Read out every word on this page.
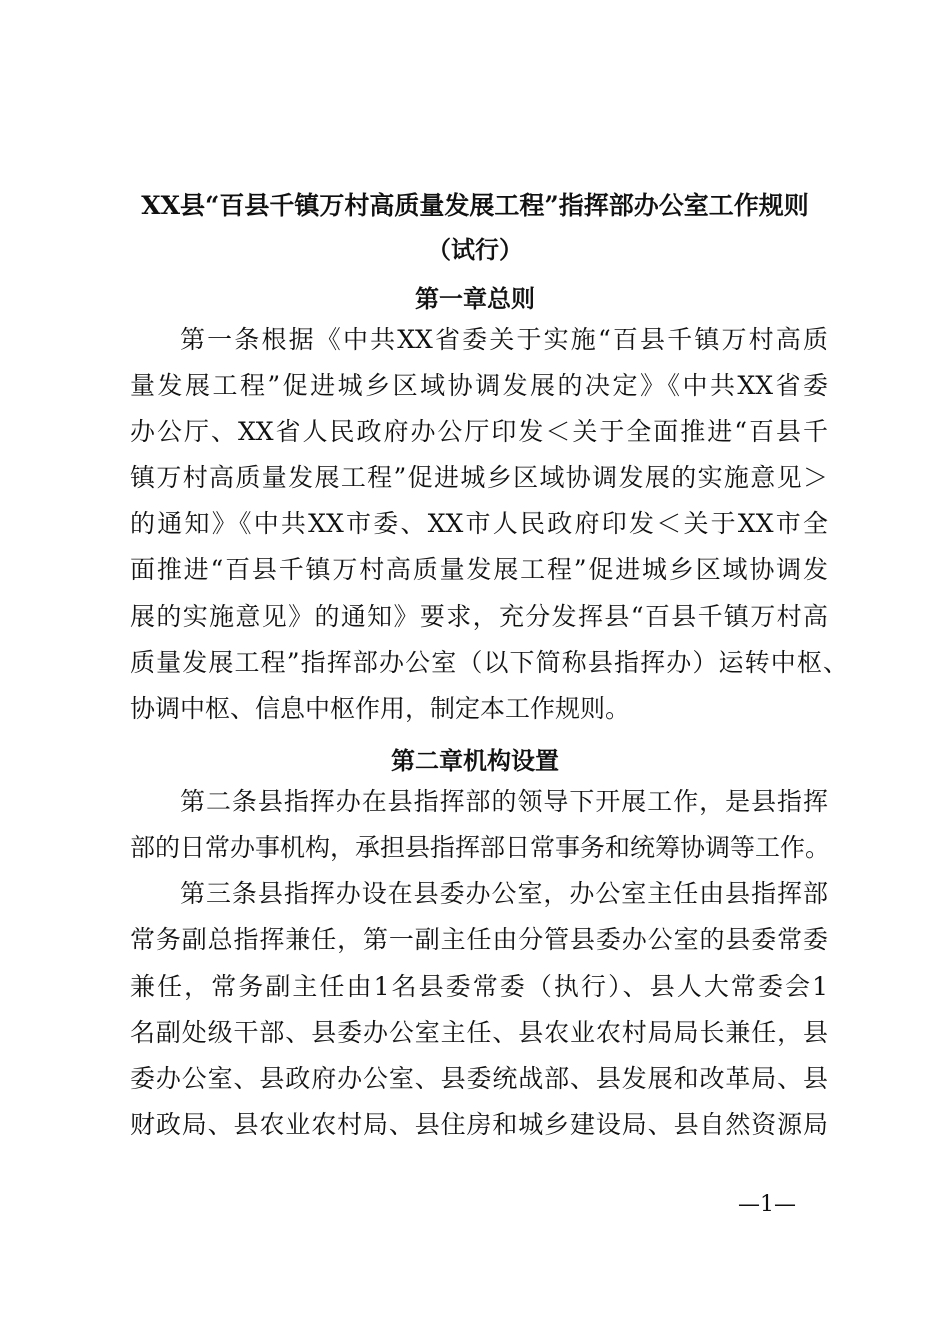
XX县“百县千镇万村高质量发展工程”指挥部办公室工作规则
（试行）
第一章总则
第一条根据《中共XX省委关于实施“百县千镇万村高质
量发展工程”促进城乡区域协调发展的决定》《中共XX省委
办公厅、XX省人民政府办公厅印发＜关于全面推进“百县千
镇万村高质量发展工程”促进城乡区域协调发展的实施意见＞
的通知》《中共XX市委、XX市人民政府印发＜关于XX市全
面推进“百县千镇万村高质量发展工程”促进城乡区域协调发
展的实施意见》的通知》要求，充分发挥县“百县千镇万村高
质量发展工程”指挥部办公室（以下简称县指挥办）运转中枢、
协调中枢、信息中枢作用，制定本工作规则。
第二章机构设置
第二条县指挥办在县指挥部的领导下开展工作，是县指挥
部的日常办事机构，承担县指挥部日常事务和统筹协调等工作。
第三条县指挥办设在县委办公室，办公室主任由县指挥部
常务副总指挥兼任，第一副主任由分管县委办公室的县委常委
兼任，常务副主任由1名县委常委（执行）、县人大常委会1
名副处级干部、县委办公室主任、县农业农村局局长兼任，县
委办公室、县政府办公室、县委统战部、县发展和改革局、县
财政局、县农业农村局、县住房和城乡建设局、县自然资源局
—1—
